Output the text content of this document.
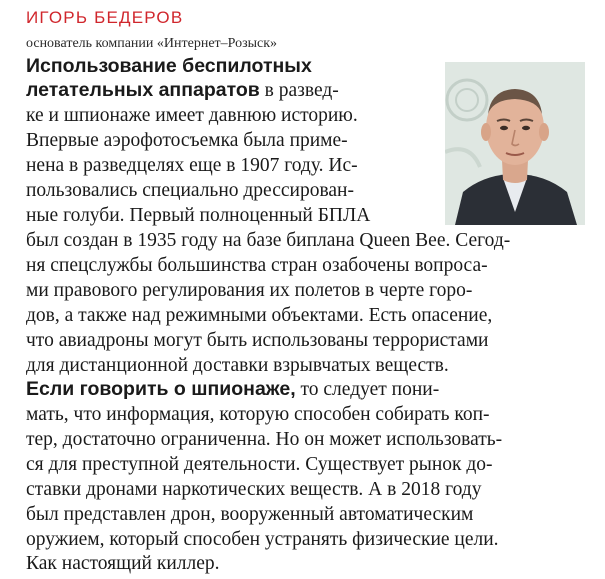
ИГОРЬ БЕДЕРОВ

основатель компании «Интернет–Розыск»

Использование беспилотных

летательных аппаратов в развед-

ке и шпионаже имеет давнюю историю.

Впервые аэрофотосъемка была приме-

нена в разведцелях еще в 1907 году. Ис-

пользовались специально дрессирован-

ные голуби. Первый полноценный БПЛА

был создан в 1935 году на базе биплана Queen Bee. Сегод-

ня спецслужбы большинства стран озабочены вопроса-

ми правового регулирования их полетов в черте горо-

дов, а также над режимными объектами. Есть опасение,

что авиадроны могут быть использованы террористами

для дистанционной доставки взрывчатых веществ.

Если говорить о шпионаже, то следует пони-

мать, что информация, которую способен собирать коп-

тер, достаточно ограниченна. Но он может использовать-

ся для преступной деятельности. Существует рынок до-

ставки дронами наркотических веществ. А в 2018 году

был представлен дрон, вооруженный автоматическим

оружием, который способен устранять физические цели.

Как настоящий киллер.
